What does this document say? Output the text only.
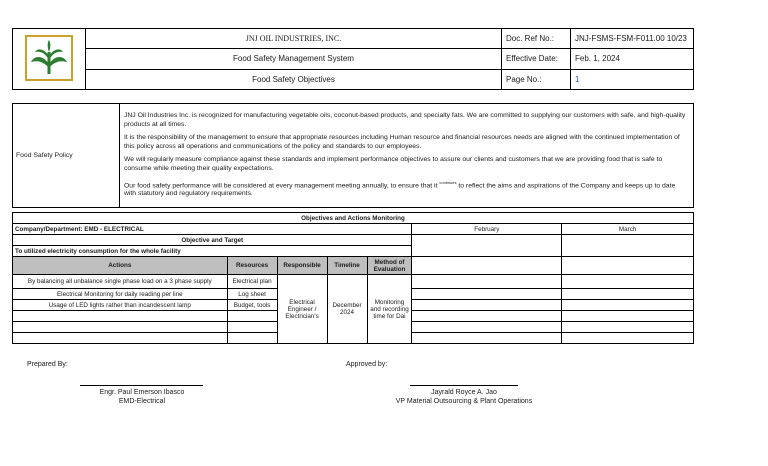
	JNJ OIL INDUSTRIES, INC.	Doc. Ref No.:	JNJ-FSMS-FSM-F011.00 10/23
	Food Safety Management System	Effective Date:	Feb. 1, 2024
	Food Safety Objectives	Page No.:	1
Food Safety Policy	

JNJ Oil Industries Inc. is recognized for manufacturing vegetable oils, coconut-based products, and specialty fats. We are committed to supplying our customers with safe, and high-quality products at all times.

It is the responsibility of the management to ensure that appropriate resources including Human resource and financial resources needs are aligned with the continued implementation of this policy across all operations and communications of the policy and standards to our employees.

We will regularly measure compliance against these standards and implement performance objectives to assure our clients and customers that we are providing food that is safe to consume while meeting their quality expectations.

Our food safety performance will be considered at every management meeting annually, to ensure that it $^{continues}$ to reflect the aims and aspirations of the Company and keeps up to date with statutory and regulatory requirements.

Objectives and Actions Monitoring						
Company/Department: EMD - ELECTRICAL					February	March
Objective and Target						
To utilized electricity consumption for the whole facility						
Actions	Resources	Responsible	Timeline	Method of Evaluation		
By balancing all unbalance single phase load on a 3 phase supply	Electrical plan	Electrical Engineer / Electrician's	December 2024	Monitoring and recording time for Dai		
Electrical Monitoring for daily reading per line	Log sheet					
Usage of LED lights rather than incandescent lamp	Budget, tools					

Prepared By:	Approved by:
Engr. Paul Emerson Ibasco
EMD-Electrical
Jayrald Royce A. Jao
VP Material Outsourcing & Plant Operations
